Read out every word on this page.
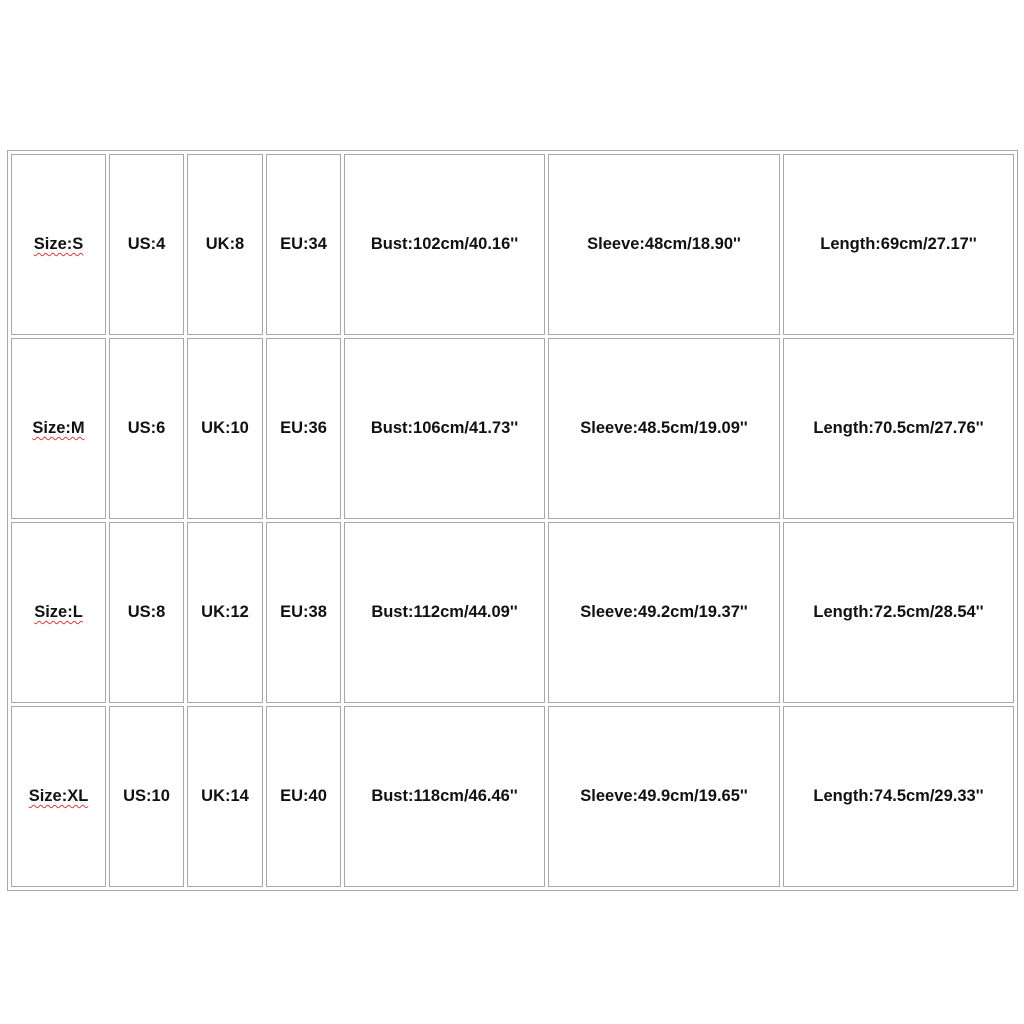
Size:S	US:4	UK:8	EU:34	Bust:102cm/40.16''	Sleeve:48cm/18.90''	Length:69cm/27.17''
Size:M	US:6	UK:10	EU:36	Bust:106cm/41.73''	Sleeve:48.5cm/19.09''	Length:70.5cm/27.76''
Size:L	US:8	UK:12	EU:38	Bust:112cm/44.09''	Sleeve:49.2cm/19.37''	Length:72.5cm/28.54''
Size:XL	US:10	UK:14	EU:40	Bust:118cm/46.46''	Sleeve:49.9cm/19.65''	Length:74.5cm/29.33''
